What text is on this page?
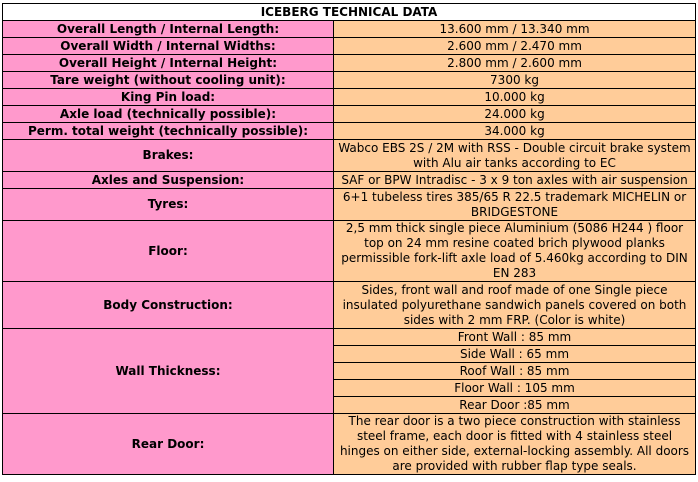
ICEBERG TECHNICAL DATA	
Overall Length / Internal Length:	13.600 mm / 13.340 mm
Overall Width / Internal Widths:	2.600 mm / 2.470 mm
Overall Height / Internal Height:	2.800 mm / 2.600 mm
Tare weight (without cooling unit):	7300 kg
King Pin load:	10.000 kg
Axle load (technically possible):	24.000 kg
Perm. total weight (technically possible):	34.000 kg
Brakes:	Wabco EBS 2S / 2M with RSS - Double circuit brake system with Alu air tanks according to EC
Axles and Suspension:	SAF or BPW Intradisc - 3 x 9 ton axles with air suspension
Tyres:	6+1 tubeless tires 385/65 R 22.5 trademark MICHELIN or BRIDGESTONE
Floor:	2,5 mm thick single piece Aluminium (5086 H244 ) floor top on 24 mm resine coated brich plywood planks permissible fork-lift axle load of 5.460kg according to DIN EN 283
Body Construction:	Sides, front wall and roof made of one Single piece insulated polyurethane sandwich panels covered on both sides with 2 mm FRP. (Color is white)
Wall Thickness:	Front Wall : 85 mm
	Side Wall : 65 mm
	Roof Wall : 85 mm
	Floor Wall : 105 mm
	Rear Door :85 mm
Rear Door:	The rear door is a two piece construction with stainless steel frame, each door is fitted with 4 stainless steel hinges on either side, external-locking assembly. All doors are provided with rubber flap type seals.
